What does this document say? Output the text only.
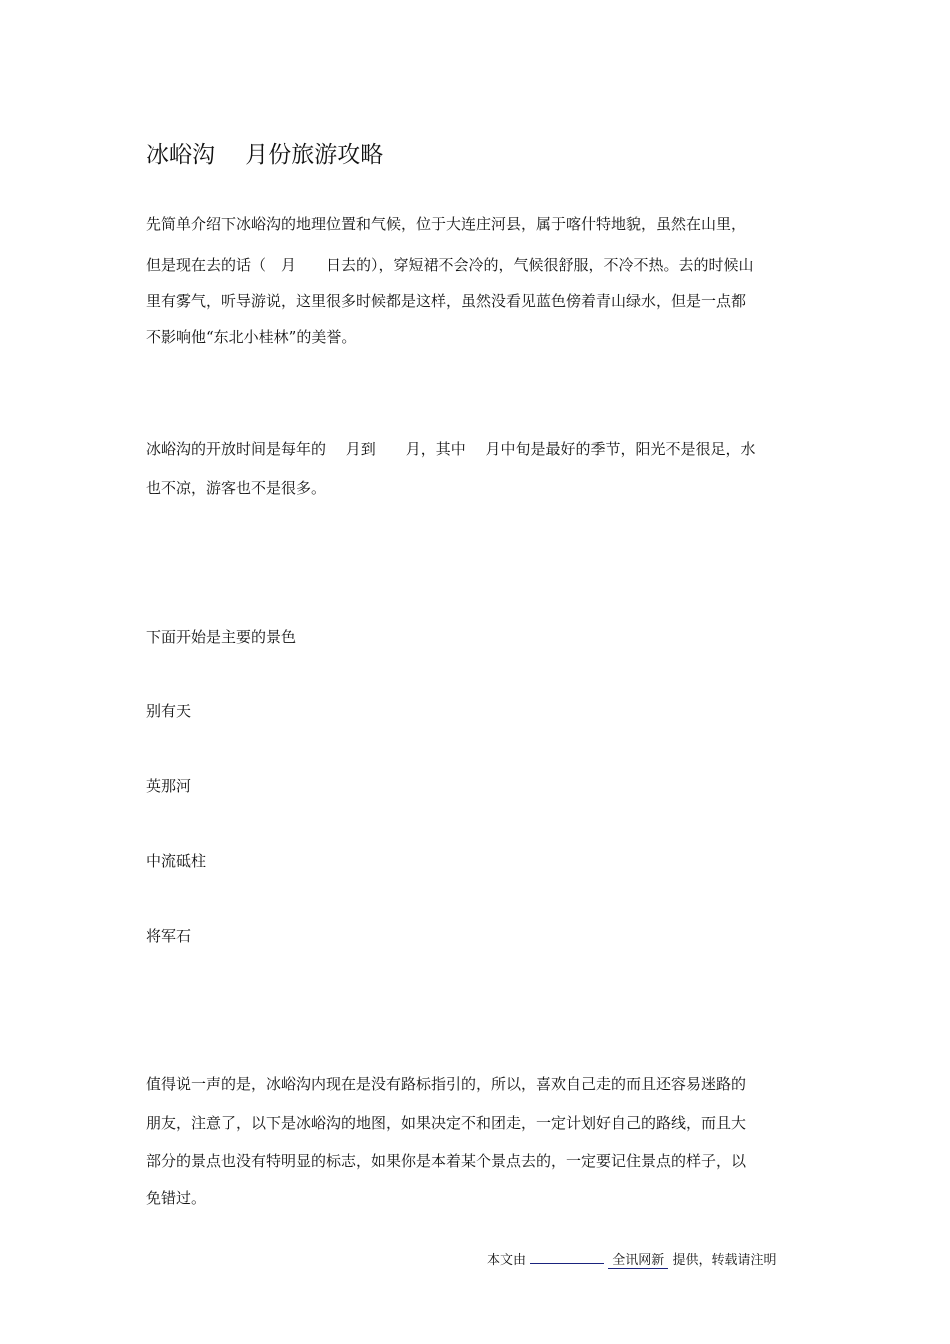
冰峪沟　 月份旅游攻略
先简单介绍下冰峪沟的地理位置和气候，位于大连庄河县，属于喀什特地貌，虽然在山里，
但是现在去的话（　月　　日去的），穿短裙不会冷的，气候很舒服，不冷不热。去的时候山
里有雾气，听导游说，这里很多时候都是这样，虽然没看见蓝色傍着青山绿水，但是一点都
不影响他“东北小桂林”的美誉。
冰峪沟的开放时间是每年的　 月到　　月，其中　 月中旬是最好的季节，阳光不是很足，水
也不凉，游客也不是很多。
下面开始是主要的景色
别有天
英那河
中流砥柱
将军石
值得说一声的是，冰峪沟内现在是没有路标指引的，所以，喜欢自己走的而且还容易迷路的
朋友，注意了，以下是冰峪沟的地图，如果决定不和团走，一定计划好自己的路线，而且大
部分的景点也没有特明显的标志，如果你是本着某个景点去的，一定要记住景点的样子，以
免错过。
本文由	全讯网新 提供，转载请注明
